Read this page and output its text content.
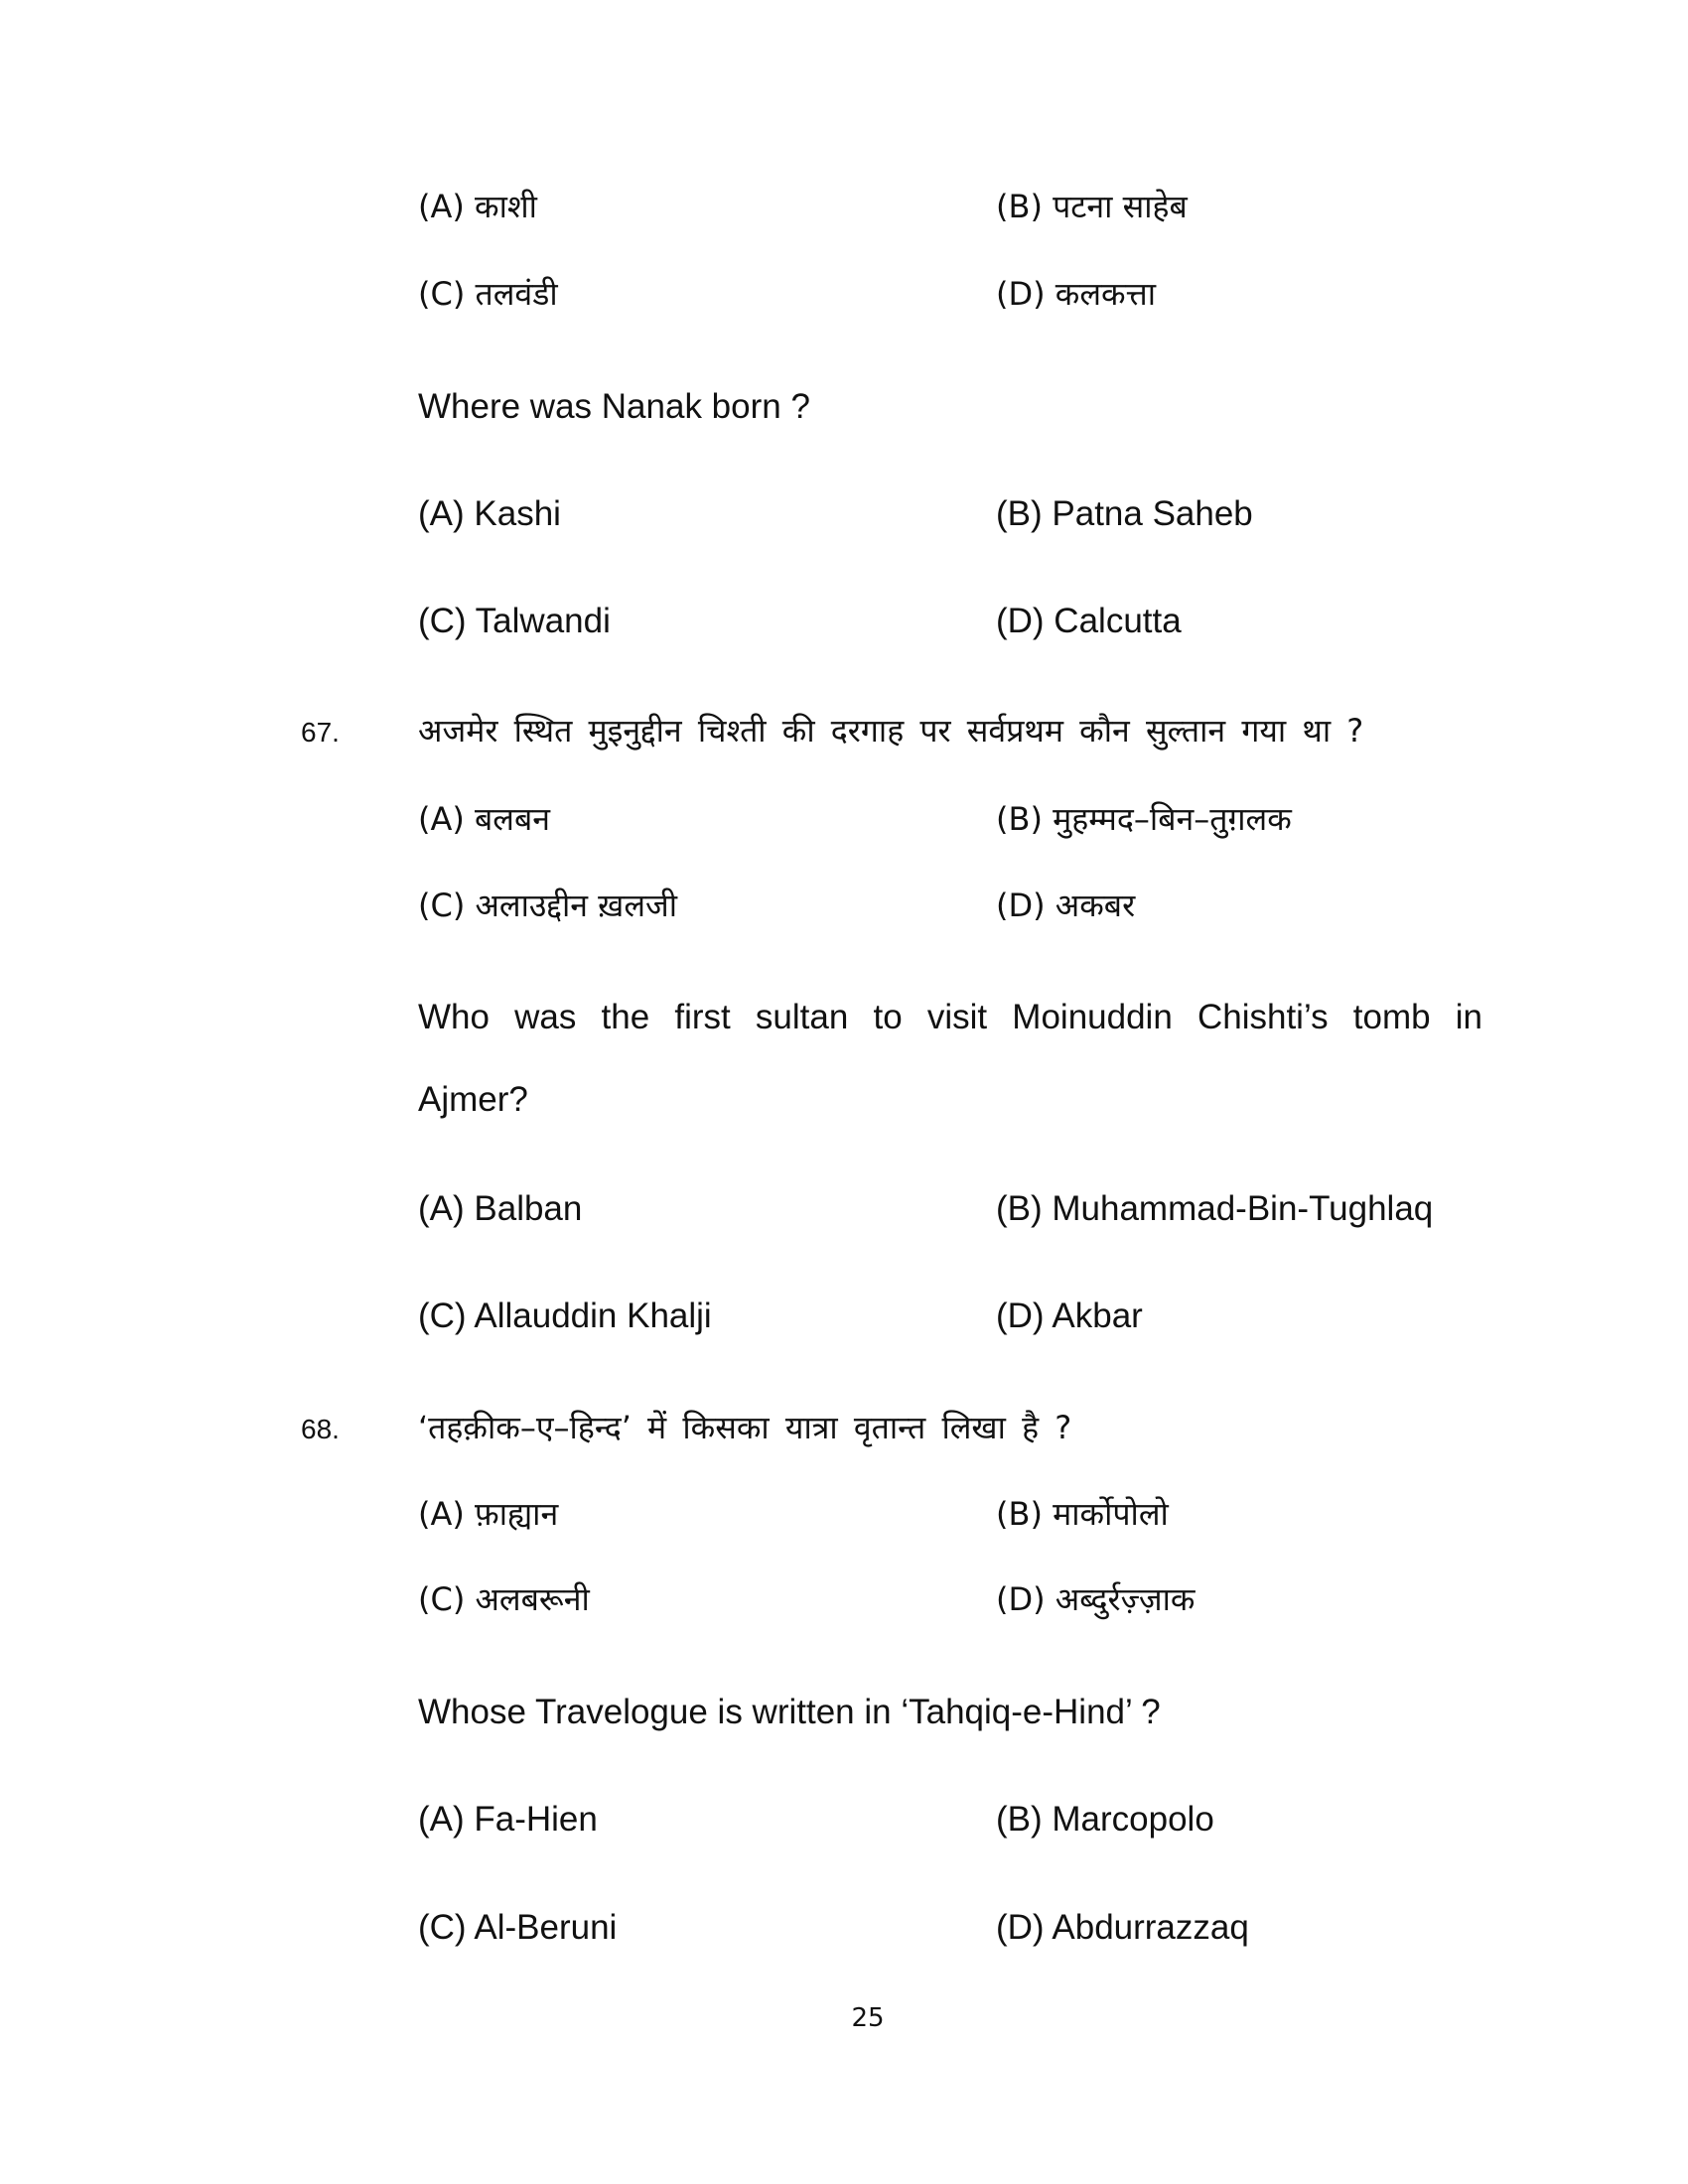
(A) काशी	(B) पटना साहेब
(C) तलवंडी	(D) कलकत्ता
Where was Nanak born ?
(A) Kashi	(B) Patna Saheb
(C) Talwandi	(D) Calcutta
67. अजमेर स्थित मुइनुद्दीन चिश्ती की दरगाह पर सर्वप्रथम कौन सुल्तान गया था ?
(A) बलबन	(B) मुहम्मद–बिन–तुग़लक
(C) अलाउद्दीन ख़लजी	(D) अकबर
Who was the first sultan to visit Moinuddin Chishti’s tomb in
Ajmer?
(A) Balban	(B) Muhammad-Bin-Tughlaq
(C) Allauddin Khalji	(D) Akbar
68. ‘तहक़ीक–ए–हिन्द’ में किसका यात्रा वृतान्त लिखा है ?
(A) फ़ाह्यान	(B) मार्कोपोलो
(C) अलबरूनी	(D) अब्दुर्रज़्ज़ाक
Whose Travelogue is written in ‘Tahqiq-e-Hind’ ?
(A) Fa-Hien	(B) Marcopolo
(C) Al-Beruni	(D) Abdurrazzaq
25
